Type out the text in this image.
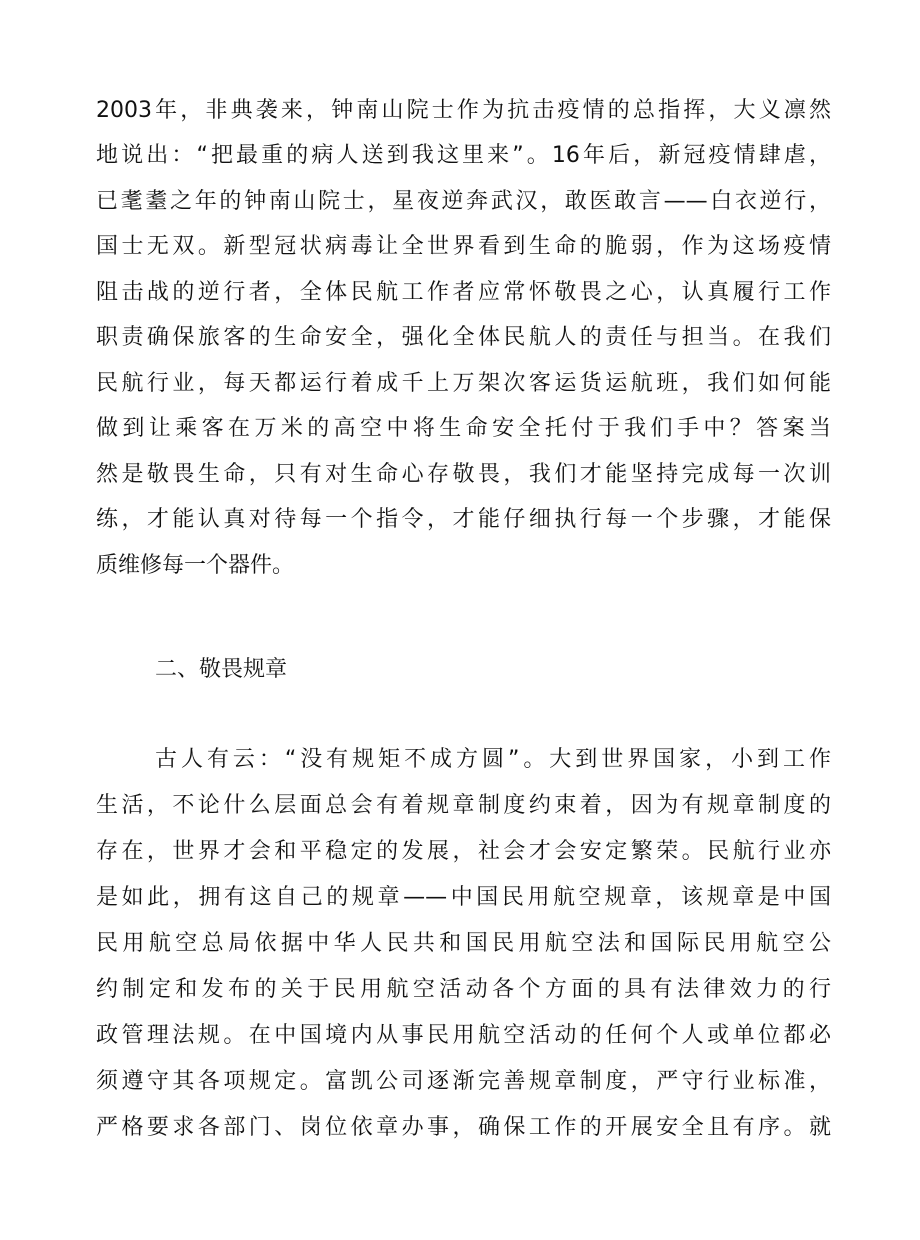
2003年，非典袭来，钟南山院士作为抗击疫情的总指挥，大义凛然
地说出：“把最重的病人送到我这里来”。16年后，新冠疫情肆虐，
已耄耋之年的钟南山院士，星夜逆奔武汉，敢医敢言——白衣逆行，
国士无双。新型冠状病毒让全世界看到生命的脆弱，作为这场疫情
阻击战的逆行者，全体民航工作者应常怀敬畏之心，认真履行工作
职责确保旅客的生命安全，强化全体民航人的责任与担当。在我们
民航行业，每天都运行着成千上万架次客运货运航班，我们如何能
做到让乘客在万米的高空中将生命安全托付于我们手中？答案当
然是敬畏生命，只有对生命心存敬畏，我们才能坚持完成每一次训
练，才能认真对待每一个指令，才能仔细执行每一个步骤，才能保
质维修每一个器件。
二、敬畏规章
古人有云：“没有规矩不成方圆”。大到世界国家，小到工作
生活，不论什么层面总会有着规章制度约束着，因为有规章制度的
存在，世界才会和平稳定的发展，社会才会安定繁荣。民航行业亦
是如此，拥有这自己的规章——中国民用航空规章，该规章是中国
民用航空总局依据中华人民共和国民用航空法和国际民用航空公
约制定和发布的关于民用航空活动各个方面的具有法律效力的行
政管理法规。在中国境内从事民用航空活动的任何个人或单位都必
须遵守其各项规定。富凯公司逐渐完善规章制度，严守行业标准，
严格要求各部门、岗位依章办事，确保工作的开展安全且有序。就
